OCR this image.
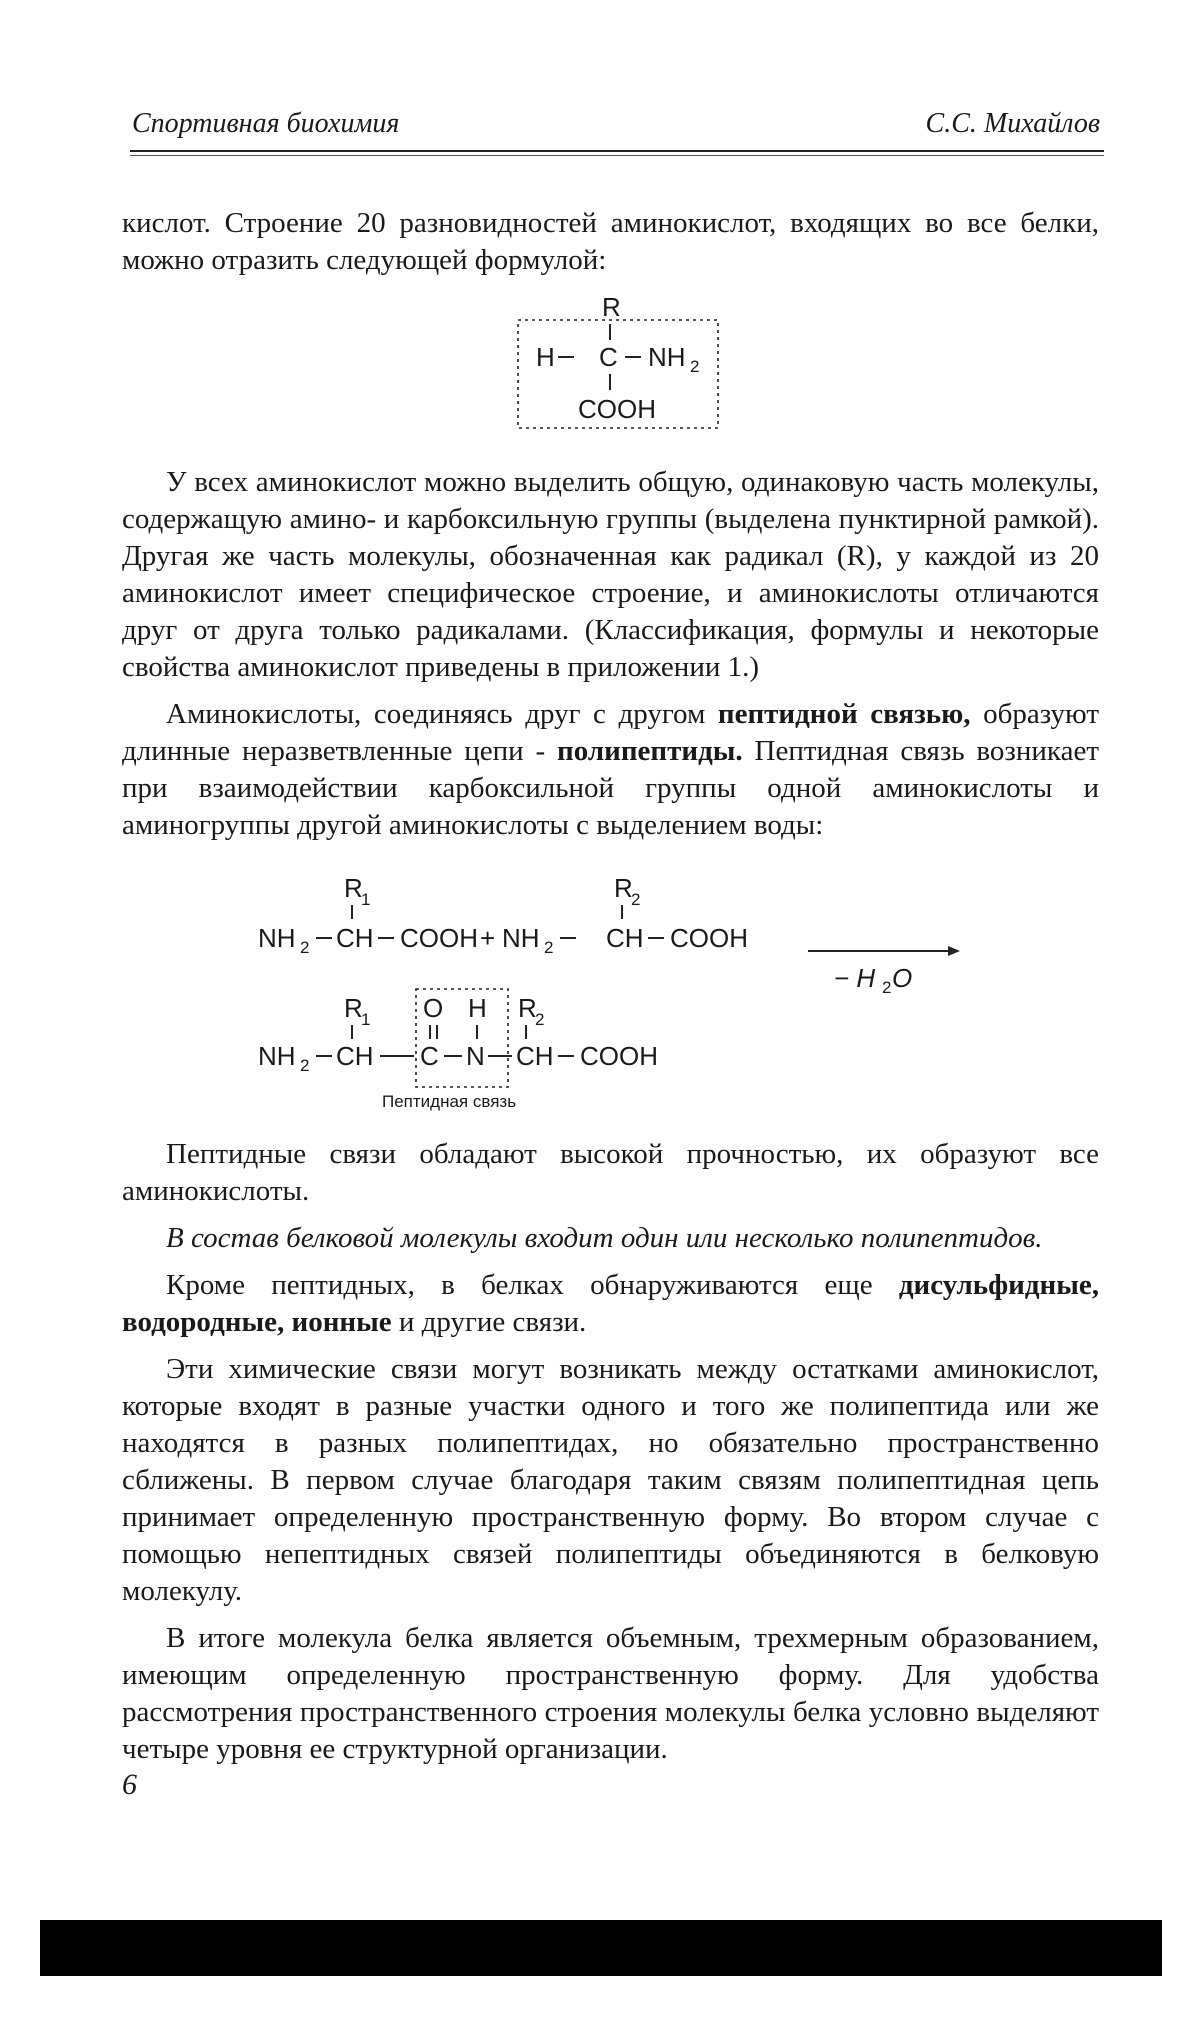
Спортивная биохимия	С.С. Михайлов

кислот. Строение 20 разновидностей аминокислот, входящих во все белки, можно отразить следующей формулой:

R
H C NH 2
COOH

У всех аминокислот можно выделить общую, одинаковую часть молекулы, содержащую амино- и карбоксильную группы (выделена пунктирной рамкой). Другая же часть молекулы, обозначенная как радикал (R), у каждой из 20 аминокислот имеет специфическое строение, и аминокислоты отличаются друг от друга только радикалами. (Классификация, формулы и некоторые свойства аминокислот приведены в приложении 1.)

Аминокислоты, соединяясь друг с другом пептидной связью, образуют длинные неразветвленные цепи - полипептиды. Пептидная связь возникает при взаимодействии карбоксильной группы одной аминокислоты и аминогруппы другой аминокислоты с выделением воды:

R
1	R
2
NH 2 CH COOH + NH 2 CH COOH
− H 2 O
R
1 O H R
2
NH 2 CH C N CH COOH
Пептидная связь

Пептидные связи обладают высокой прочностью, их образуют все аминокислоты.

В состав белковой молекулы входит один или несколько полипептидов.

Кроме пептидных, в белках обнаруживаются еще дисульфидные, водородные, ионные и другие связи.

Эти химические связи могут возникать между остатками аминокислот, которые входят в разные участки одного и того же полипептида или же находятся в разных полипептидах, но обязательно пространственно сближены. В первом случае благодаря таким связям полипептидная цепь принимает определенную пространственную форму. Во втором случае с помощью непептидных связей полипептиды объединяются в белковую молекулу.

В итоге молекула белка является объемным, трехмерным образованием, имеющим определенную пространственную форму. Для удобства рассмотрения пространственного строения молекулы белка условно выделяют четыре уровня ее структурной организации.

6
